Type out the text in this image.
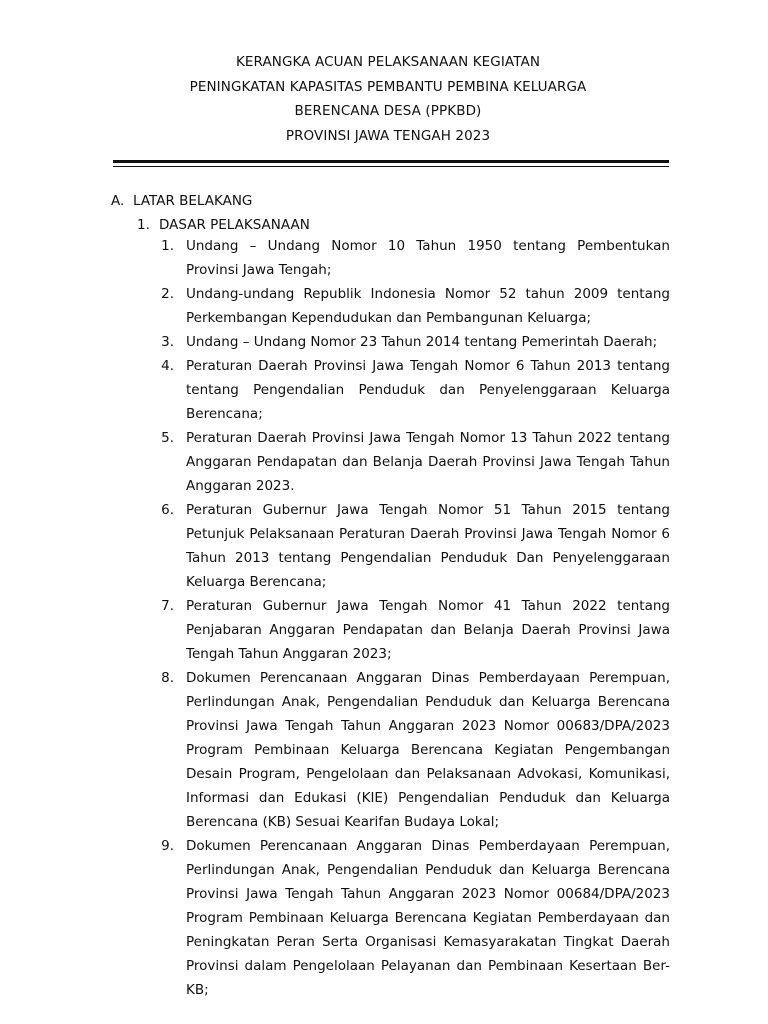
KERANGKA ACUAN PELAKSANAAN KEGIATAN
PENINGKATAN KAPASITAS PEMBANTU PEMBINA KELUARGA
BERENCANA DESA (PPKBD)
PROVINSI JAWA TENGAH 2023
A. LATAR BELAKANG
1. DASAR PELAKSANAAN
1. Undang – Undang Nomor 10 Tahun 1950 tentang Pembentukan Provinsi Jawa Tengah;
2. Undang-undang Republik Indonesia Nomor 52 tahun 2009 tentang Perkembangan Kependudukan dan Pembangunan Keluarga;
3. Undang – Undang Nomor 23 Tahun 2014 tentang Pemerintah Daerah;
4. Peraturan Daerah Provinsi Jawa Tengah Nomor 6 Tahun 2013 tentang tentang Pengendalian Penduduk dan Penyelenggaraan Keluarga Berencana;
5. Peraturan Daerah Provinsi Jawa Tengah Nomor 13 Tahun 2022 tentang Anggaran Pendapatan dan Belanja Daerah Provinsi Jawa Tengah Tahun Anggaran 2023.
6. Peraturan Gubernur Jawa Tengah Nomor 51 Tahun 2015 tentang Petunjuk Pelaksanaan Peraturan Daerah Provinsi Jawa Tengah Nomor 6 Tahun 2013 tentang Pengendalian Penduduk Dan Penyelenggaraan Keluarga Berencana;
7. Peraturan Gubernur Jawa Tengah Nomor 41 Tahun 2022 tentang Penjabaran Anggaran Pendapatan dan Belanja Daerah Provinsi Jawa Tengah Tahun Anggaran 2023;
8. Dokumen Perencanaan Anggaran Dinas Pemberdayaan Perempuan, Perlindungan Anak, Pengendalian Penduduk dan Keluarga Berencana Provinsi Jawa Tengah Tahun Anggaran 2023 Nomor 00683/DPA/2023 Program Pembinaan Keluarga Berencana Kegiatan Pengembangan Desain Program, Pengelolaan dan Pelaksanaan Advokasi, Komunikasi, Informasi dan Edukasi (KIE) Pengendalian Penduduk dan Keluarga Berencana (KB) Sesuai Kearifan Budaya Lokal;
9. Dokumen Perencanaan Anggaran Dinas Pemberdayaan Perempuan, Perlindungan Anak, Pengendalian Penduduk dan Keluarga Berencana Provinsi Jawa Tengah Tahun Anggaran 2023 Nomor 00684/DPA/2023 Program Pembinaan Keluarga Berencana Kegiatan Pemberdayaan dan Peningkatan Peran Serta Organisasi Kemasyarakatan Tingkat Daerah Provinsi dalam Pengelolaan Pelayanan dan Pembinaan Kesertaan Ber-KB;
